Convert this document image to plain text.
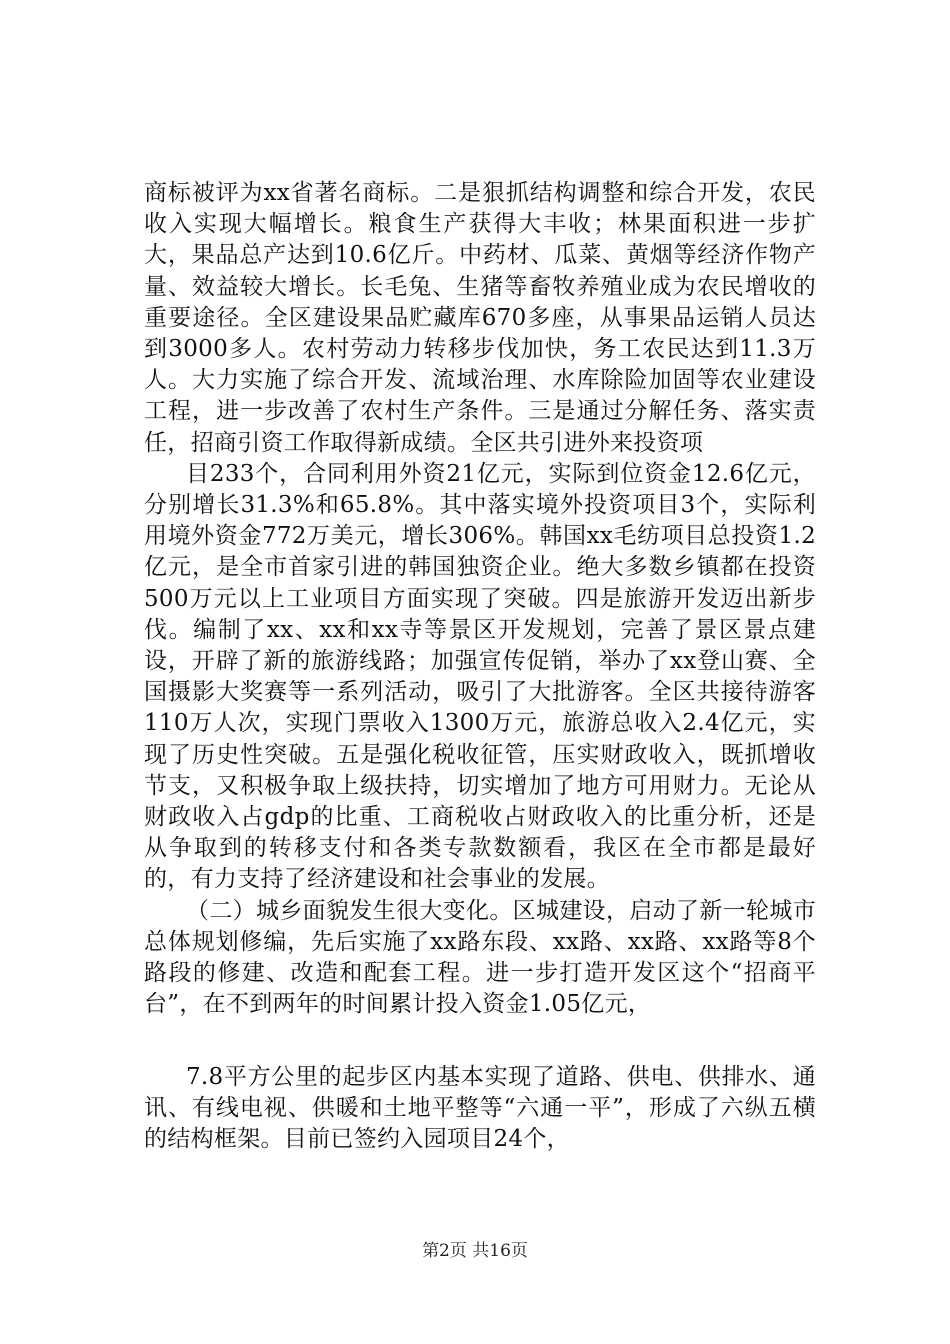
商标被评为xx省著名商标。二是狠抓结构调整和综合开发，农民收入实现大幅增长。粮食生产获得大丰收；林果面积进一步扩大，果品总产达到10.6亿斤。中药材、瓜菜、黄烟等经济作物产量、效益较大增长。长毛兔、生猪等畜牧养殖业成为农民增收的重要途径。全区建设果品贮藏库670多座，从事果品运销人员达到3000多人。农村劳动力转移步伐加快，务工农民达到11.3万人。大力实施了综合开发、流域治理、水库除险加固等农业建设工程，进一步改善了农村生产条件。三是通过分解任务、落实责任，招商引资工作取得新成绩。全区共引进外来投资项

目233个，合同利用外资21亿元，实际到位资金12.6亿元，分别增长31.3%和65.8%。其中落实境外投资项目3个，实际利用境外资金772万美元，增长306%。韩国xx毛纺项目总投资1.2亿元，是全市首家引进的韩国独资企业。绝大多数乡镇都在投资500万元以上工业项目方面实现了突破。四是旅游开发迈出新步伐。编制了xx、xx和xx寺等景区开发规划，完善了景区景点建设，开辟了新的旅游线路；加强宣传促销，举办了xx登山赛、全国摄影大奖赛等一系列活动，吸引了大批游客。全区共接待游客110万人次，实现门票收入1300万元，旅游总收入2.4亿元，实现了历史性突破。五是强化税收征管，压实财政收入，既抓增收节支，又积极争取上级扶持，切实增加了地方可用财力。无论从财政收入占gdp的比重、工商税收占财政收入的比重分析，还是从争取到的转移支付和各类专款数额看，我区在全市都是最好的，有力支持了经济建设和社会事业的发展。

（二）城乡面貌发生很大变化。区城建设，启动了新一轮城市总体规划修编，先后实施了xx路东段、xx路、xx路、xx路等8个路段的修建、改造和配套工程。进一步打造开发区这个“招商平台”，在不到两年的时间累计投入资金1.05亿元，

7.8平方公里的起步区内基本实现了道路、供电、供排水、通讯、有线电视、供暖和土地平整等“六通一平”，形成了六纵五横的结构框架。目前已签约入园项目24个，

第2页 共16页
